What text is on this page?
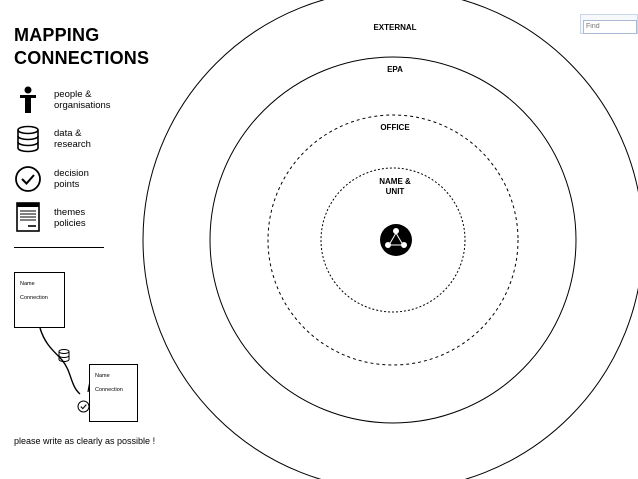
MAPPING
CONNECTIONS
people &
organisations
data &
research
decision
points
themes
policies
Name
Connection
Name
Connection
please write as clearly as possible !
EXTERNAL
EPA
OFFICE
NAME &
UNIT
Find
